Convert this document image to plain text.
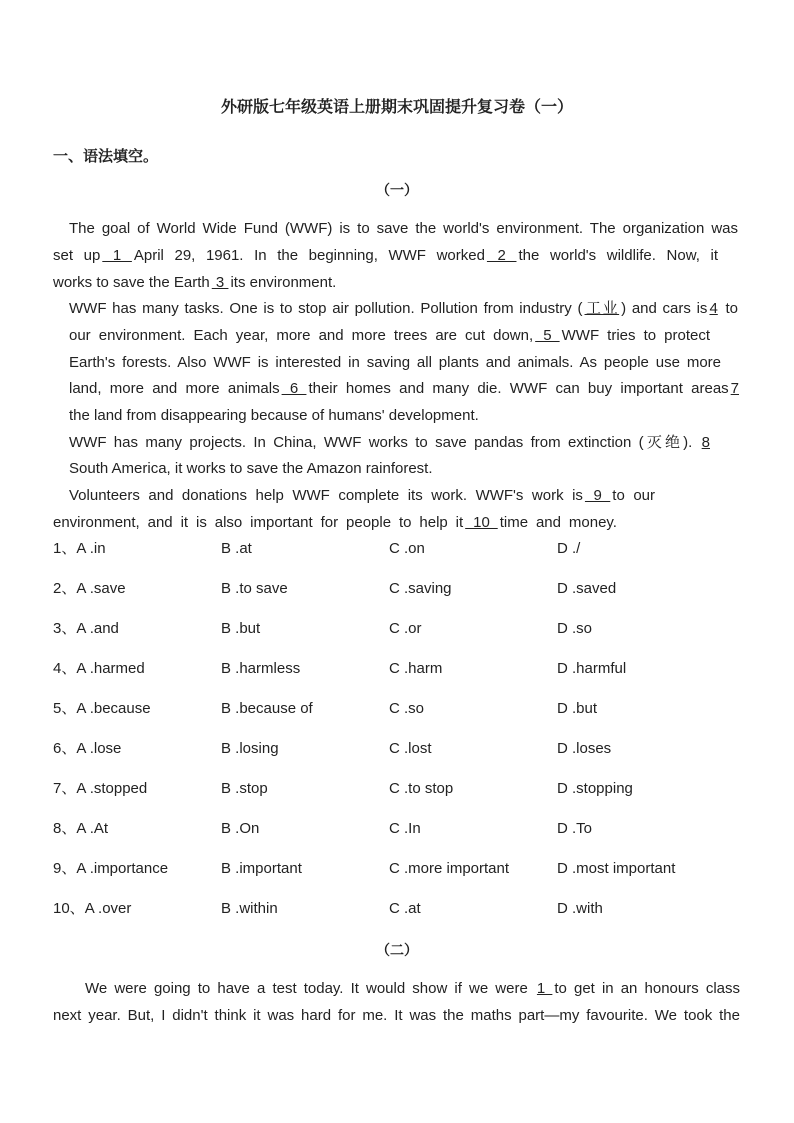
外研版七年级英语上册期末巩固提升复习卷（一）
一、语法填空。
（一）
The goal of World Wide Fund (WWF) is to save the world's environment. The organization was
set up 1 April 29, 1961. In the beginning, WWF worked 2 the world's wildlife. Now, it
works to save the Earth 3 its environment.
WWF has many tasks. One is to stop air pollution. Pollution from industry ( 工业 ) and cars is 4 to
our environment. Each year, more and more trees are cut down, 5 WWF tries to protect
Earth's forests. Also WWF is interested in saving all plants and animals. As people use more
land, more and more animals 6 their homes and many die. WWF can buy important areas 7
the land from disappearing because of humans' development.
WWF has many projects. In China, WWF works to save pandas from extinction (灭绝). 8
South America, it works to save the Amazon rainforest.
Volunteers and donations help WWF complete its work. WWF's work is 9 to our
environment, and it is also important for people to help it 10 time and money.
1、A .in	B .at	C .on	D ./
2、A .save	B .to save	C .saving	D .saved
3、A .and	B .but	C .or	D .so
4、A .harmed	B .harmless	C .harm	D .harmful
5、A .because	B .because of	C .so	D .but
6、A .lose	B .losing	C .lost	D .loses
7、A .stopped	B .stop	C .to stop	D .stopping
8、A .At	B .On	C .In	D .To
9、A .importance	B .important	C .more important	D .most important
10、A .over	B .within	C .at	D .with
（二）
We were going to have a test today. It would show if we were 1 to get in an honours class
next year. But, I didn't think it was hard for me. It was the maths part—my favourite. We took the
